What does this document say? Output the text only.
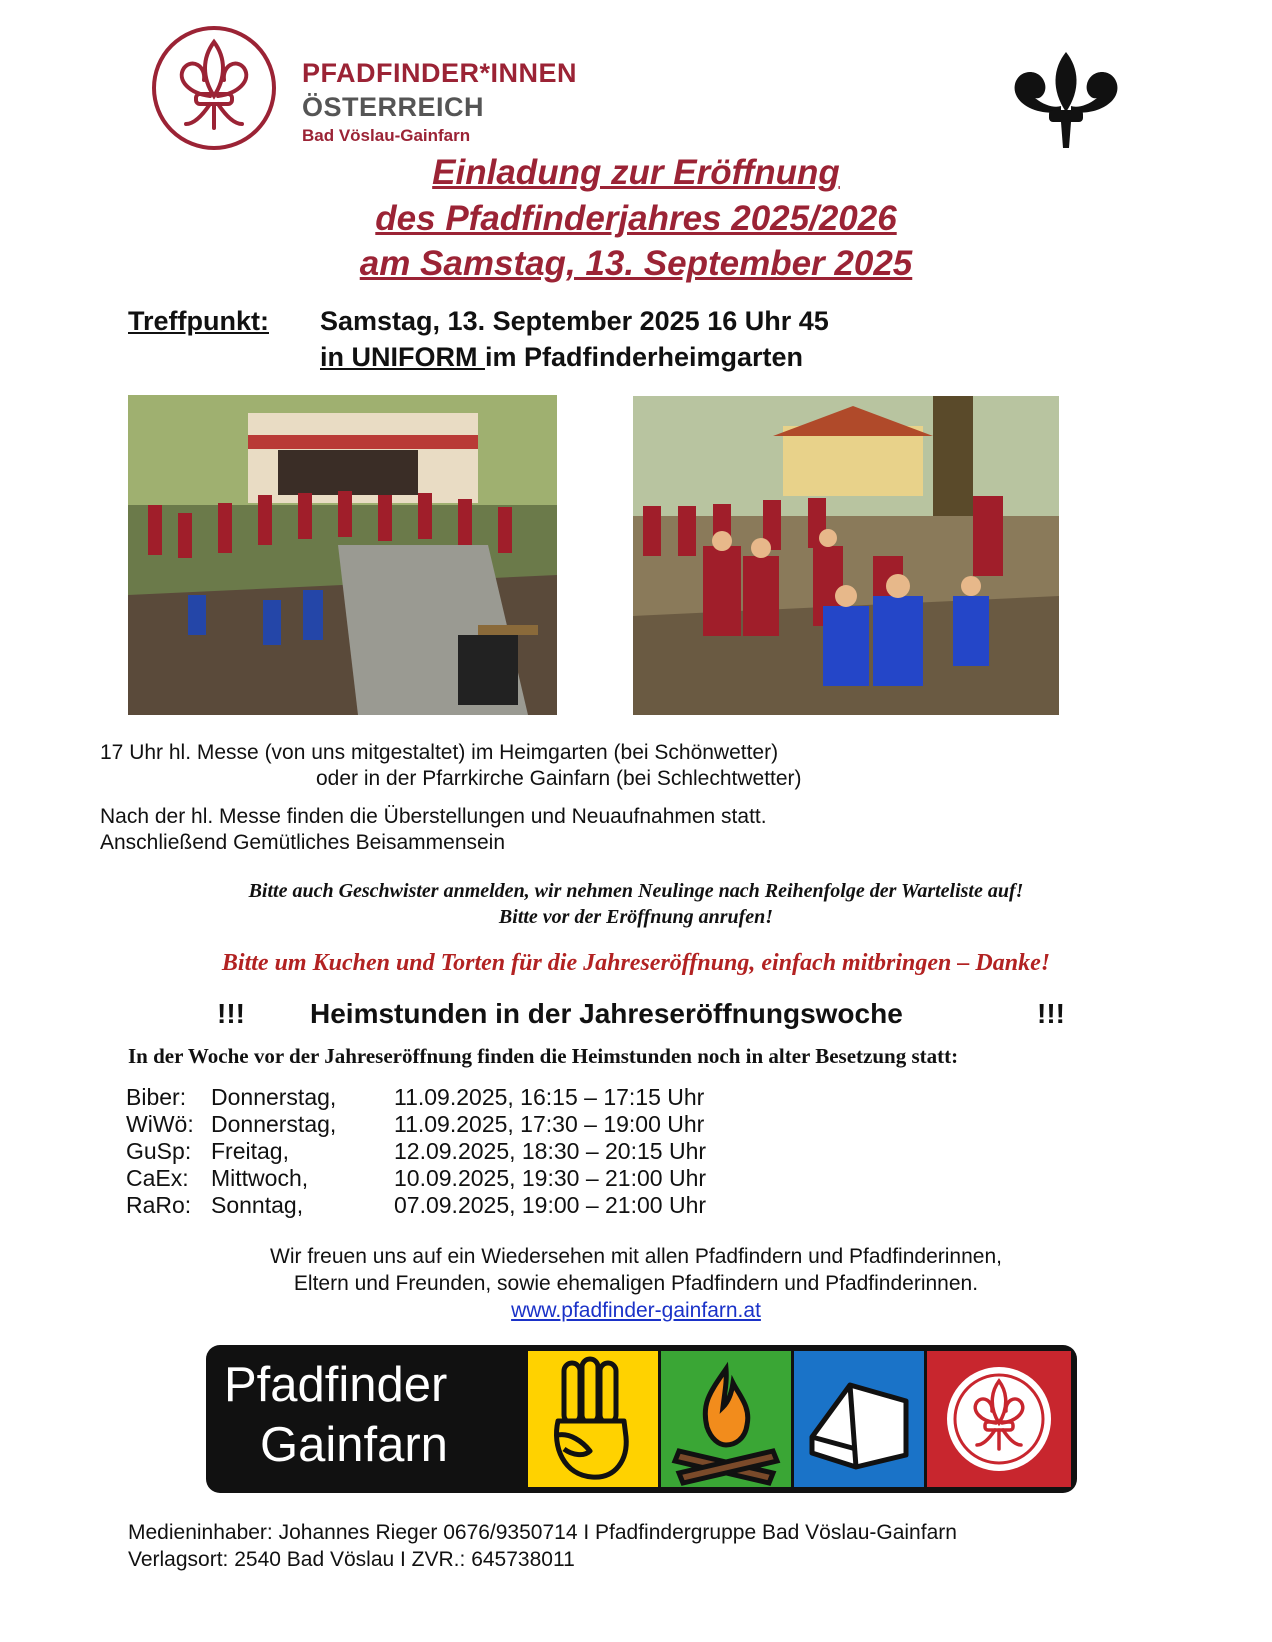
PFADFINDER*INNEN
ÖSTERREICH
Bad Vöslau-Gainfarn
Einladung zur Eröffnung
des Pfadfinderjahres 2025/2026
am Samstag, 13. September 2025
Treffpunkt: Samstag, 13. September 2025 16 Uhr 45
in UNIFORM im Pfadfinderheimgarten
17 Uhr hl. Messe (von uns mitgestaltet) im Heimgarten (bei Schönwetter)
oder in der Pfarrkirche Gainfarn (bei Schlechtwetter)
Nach der hl. Messe finden die Überstellungen und Neuaufnahmen statt.
Anschließend Gemütliches Beisammensein
Bitte auch Geschwister anmelden, wir nehmen Neulinge nach Reihenfolge der Warteliste auf!
Bitte vor der Eröffnung anrufen!
Bitte um Kuchen und Torten für die Jahreseröffnung, einfach mitbringen – Danke!
!!! Heimstunden in der Jahreseröffnungswoche	!!!
In der Woche vor der Jahreseröffnung finden die Heimstunden noch in alter Besetzung statt:
Biber:	Donnerstag,	11.09.2025, 16:15 – 17:15 Uhr
WiWö:	Donnerstag,	11.09.2025, 17:30 – 19:00 Uhr
GuSp:	Freitag,	12.09.2025, 18:30 – 20:15 Uhr
CaEx:	Mittwoch,	10.09.2025, 19:30 – 21:00 Uhr
RaRo:	Sonntag,	07.09.2025, 19:00 – 21:00 Uhr
Wir freuen uns auf ein Wiedersehen mit allen Pfadfindern und Pfadfinderinnen,
Eltern und Freunden, sowie ehemaligen Pfadfindern und Pfadfinderinnen.
www.pfadfinder-gainfarn.at
Pfadfinder
Gainfarn
Medieninhaber: Johannes Rieger 0676/9350714 I Pfadfindergruppe Bad Vöslau-Gainfarn
Verlagsort: 2540 Bad Vöslau I ZVR.: 645738011
